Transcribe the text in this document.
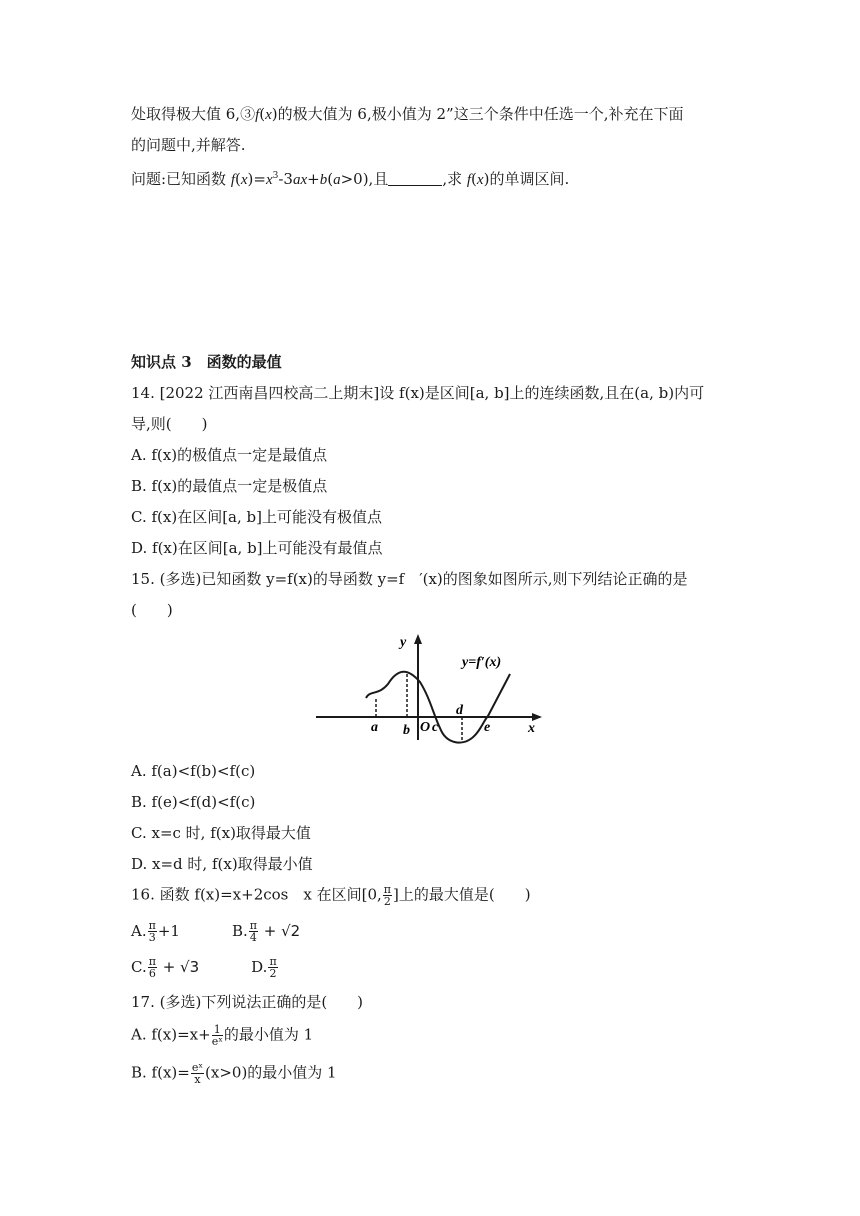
处取得极大值 6,③f(x)的极大值为 6,极小值为 2”这三个条件中任选一个,补充在下面
的问题中,并解答.
问题:已知函数 $f(x)=x^3-3ax+b(a>0)$,且	,求 f(x)的单调区间.
知识点 3　函数的最值
14. [2022 江西南昌四校高二上期末]设 f(x)是区间[a, b]上的连续函数,且在(a, b)内可
导,则(　　)
A. f(x)的极值点一定是最值点
B. f(x)的最值点一定是极值点
C. f(x)在区间[a, b]上可能没有极值点
D. f(x)在区间[a, b]上可能没有最值点
15. (多选)已知函数 y=f(x)的导函数 y=f　′(x)的图象如图所示,则下列结论正确的是
(　　)
y
x
y=f′(x)
a b O c
d
e
A. f(a)<f(b)<f(c)
B. f(e)<f(d)<f(c)
C. x=c 时, f(x)取得最大值
D. x=d 时, f(x)取得最小值
16. 函数 f(x)=x+2cos　x 在区间[0, $\frac{\pi}{2}$ ]上的最大值是(　　)
A. $\frac{\pi}{3} +1$	B. $\frac{\pi}{4} + √2$
C. $\frac{\pi}{6} + √3$	D. $\frac{\pi}{2}$
17. (多选)下列说法正确的是(　　)
A. $f(x)=x+ \frac{1}{\text{eˣ}}$ 的最小值为 1
B. $f(x)= \frac{\text{eˣ}}{x} (x>0)$的最小值为 1
